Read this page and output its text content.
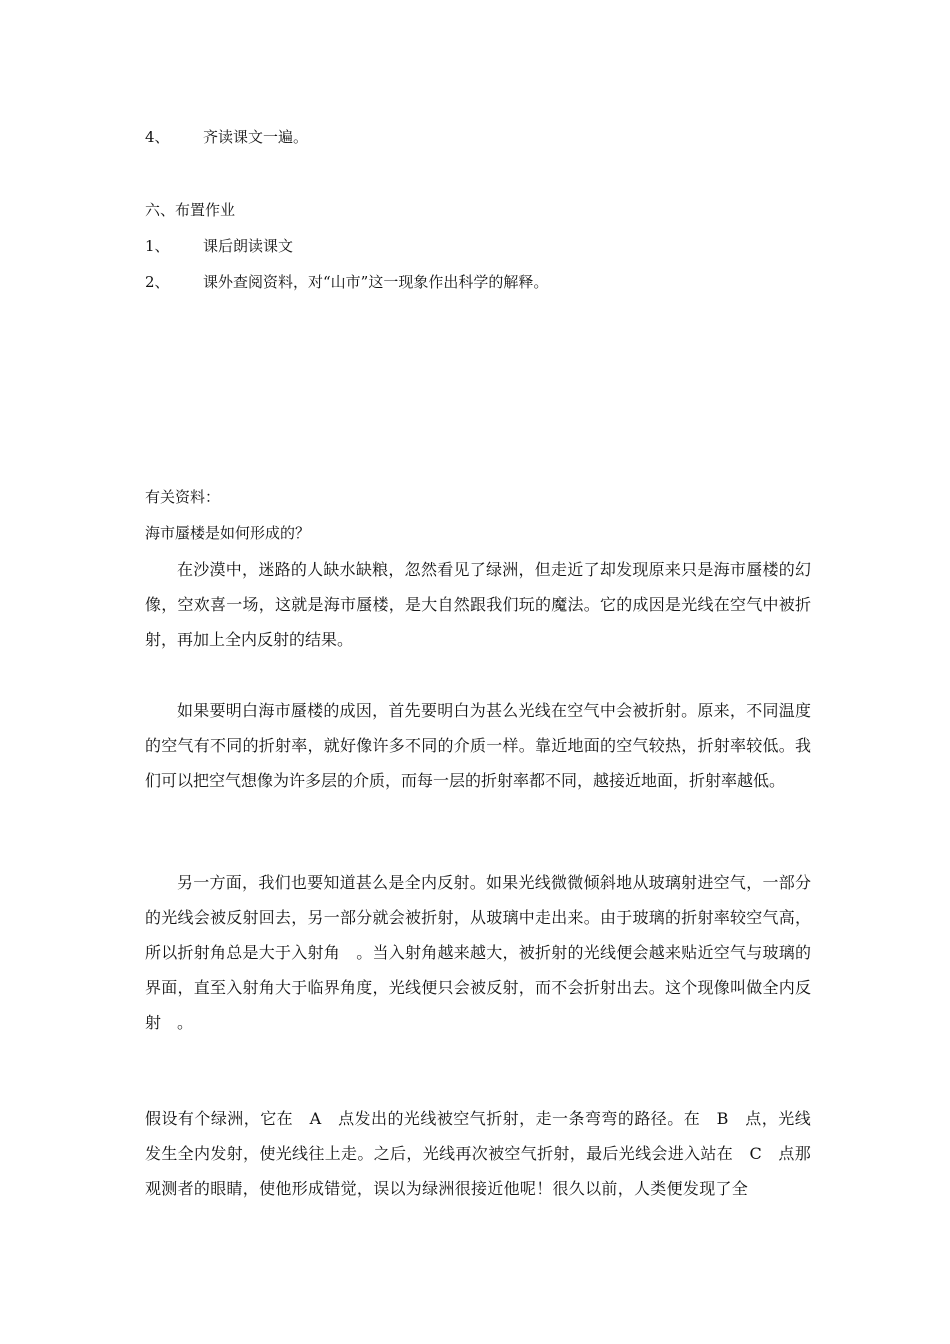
4、 齐读课文一遍。
六、布置作业
1、 课后朗读课文
2、 课外查阅资料，对“山市”这一现象作出科学的解释。
有关资料：
海市蜃楼是如何形成的？
在沙漠中，迷路的人缺水缺粮，忽然看见了绿洲，但走近了却发现原来只是海市蜃楼的幻像，空欢喜一场，这就是海市蜃楼，是大自然跟我们玩的魔法。它的成因是光线在空气中被折射，再加上全内反射的结果。
如果要明白海市蜃楼的成因，首先要明白为甚么光线在空气中会被折射。原来，不同温度的空气有不同的折射率，就好像许多不同的介质一样。靠近地面的空气较热，折射率较低。我们可以把空气想像为许多层的介质，而每一层的折射率都不同，越接近地面，折射率越低。
另一方面，我们也要知道甚么是全内反射。如果光线微微倾斜地从玻璃射进空气，一部分的光线会被反射回去，另一部分就会被折射，从玻璃中走出来。由于玻璃的折射率较空气高，所以折射角总是大于入射角　。当入射角越来越大，被折射的光线便会越来贴近空气与玻璃的界面，直至入射角大于临界角度，光线便只会被反射，而不会折射出去。这个现像叫做全内反射　。
假设有个绿洲，它在　A　点发出的光线被空气折射，走一条弯弯的路径。在　B　点，光线发生全内发射，使光线往上走。之后，光线再次被空气折射，最后光线会进入站在　C　点那观测者的眼睛，使他形成错觉，误以为绿洲很接近他呢！很久以前，人类便发现了全
